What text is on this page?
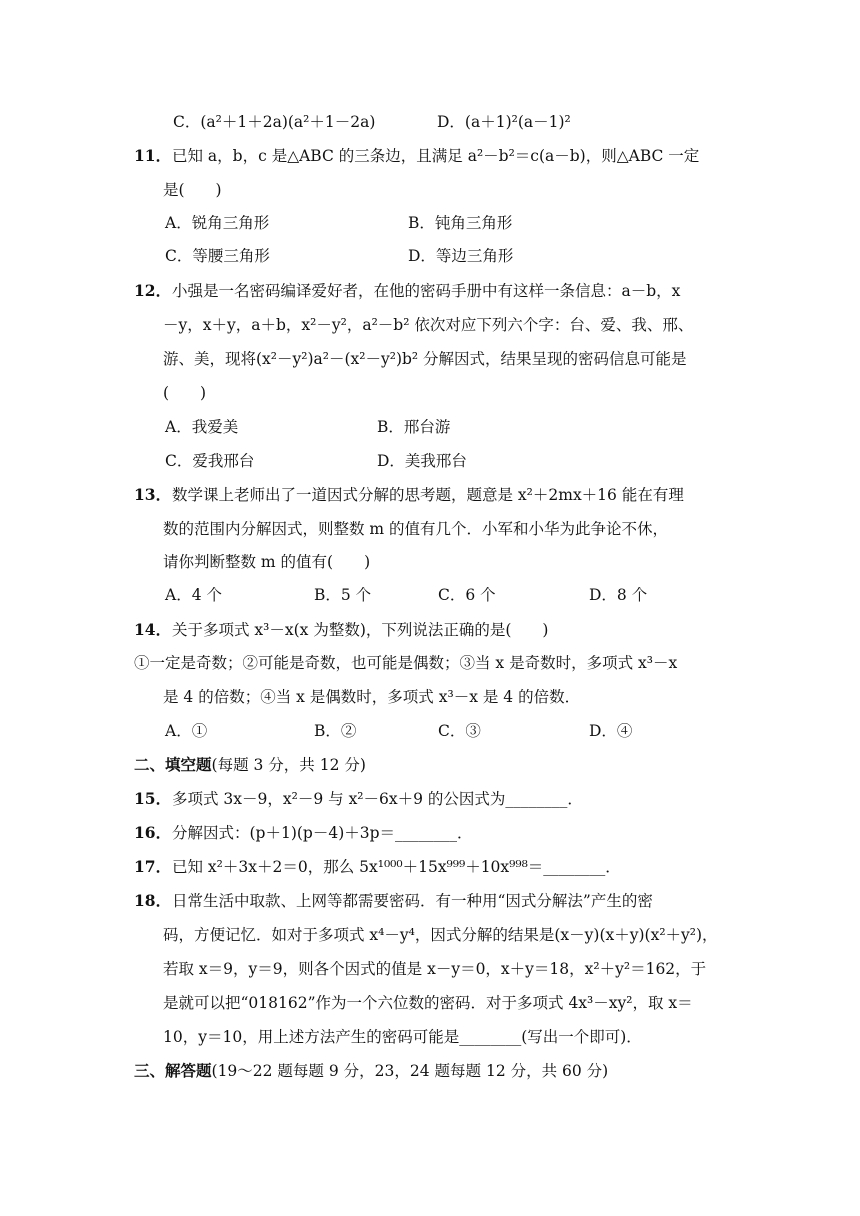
C．(a²＋1＋2a)(a²＋1－2a)	D．(a＋1)²(a－1)²
11． 已知 a，b，c 是△ABC 的三条边，且满足 a²－b²＝c(a－b)，则△ABC 一定
是(　　)
A．锐角三角形	B．钝角三角形
C．等腰三角形	D．等边三角形
12． 小强是一名密码编译爱好者，在他的密码手册中有这样一条信息：a－b，x
－y，x＋y，a＋b，x²－y²，a²－b² 依次对应下列六个字：台、爱、我、邢、
游、美，现将(x²－y²)a²－(x²－y²)b² 分解因式，结果呈现的密码信息可能是
(　　)
A．我爱美	B．邢台游
C．爱我邢台	D．美我邢台
13． 数学课上老师出了一道因式分解的思考题，题意是 x²＋2mx＋16 能在有理
数的范围内分解因式，则整数 m 的值有几个．小军和小华为此争论不休，
请你判断整数 m 的值有(　　)
A．4 个	B．5 个	C．6 个	D．8 个
14． 关于多项式 x³－x(x 为整数)，下列说法正确的是(　　)
①一定是奇数；②可能是奇数，也可能是偶数；③当 x 是奇数时，多项式 x³－x
是 4 的倍数；④当 x 是偶数时，多项式 x³－x 是 4 的倍数．
A．①	B．②	C．③	D．④
二、填空题(每题 3 分，共 12 分)
15． 多项式 3x－9，x²－9 与 x²－6x＋9 的公因式为________．
16． 分解因式：(p＋1)(p－4)＋3p＝________．
17． 已知 x²＋3x＋2＝0，那么 5x¹⁰⁰⁰＋15x⁹⁹⁹＋10x⁹⁹⁸＝________．
18． 日常生活中取款、上网等都需要密码．有一种用“因式分解法”产生的密
码，方便记忆．如对于多项式 x⁴－y⁴，因式分解的结果是(x－y)(x＋y)(x²＋y²)，
若取 x＝9，y＝9，则各个因式的值是 x－y＝0，x＋y＝18，x²＋y²＝162，于
是就可以把“018162”作为一个六位数的密码．对于多项式 4x³－xy²，取 x＝
10，y＝10，用上述方法产生的密码可能是________(写出一个即可)．
三、解答题(19～22 题每题 9 分，23，24 题每题 12 分，共 60 分)
